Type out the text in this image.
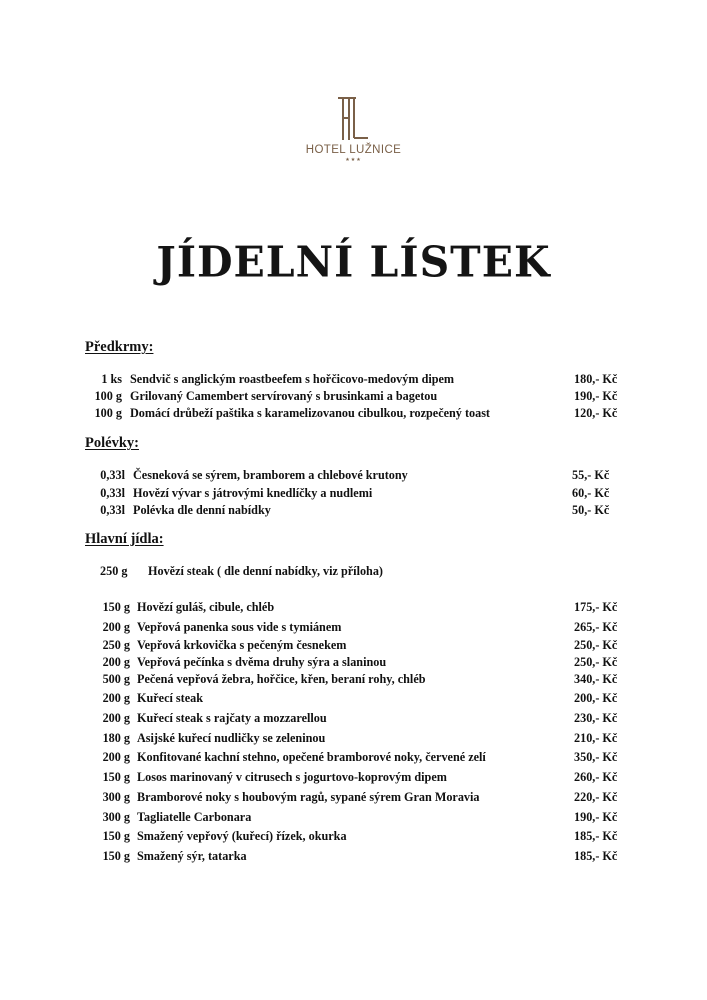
HOTEL LUŽNICE
★★★
JÍDELNÍ LÍSTEK
Předkrmy:
1 ks Sendvič s anglickým roastbeefem s hořčicovo-medovým dipem	180,- Kč
100 g Grilovaný Camembert servírovaný s brusinkami a bagetou	190,- Kč
100 g Domácí drůbeží paštika s karamelizovanou cibulkou, rozpečený toast	120,- Kč
Polévky:
0,33l Česneková se sýrem, bramborem a chlebové krutony	55,- Kč
0,33l Hovězí vývar s játrovými knedlíčky a nudlemi	60,- Kč
0,33l Polévka dle denní nabídky	50,- Kč
Hlavní jídla:
250 g Hovězí steak ( dle denní nabídky, viz příloha)
150 g Hovězí guláš, cibule, chléb	175,- Kč
200 g Vepřová panenka sous vide s tymiánem	265,- Kč
250 g Vepřová krkovička s pečeným česnekem	250,- Kč
200 g Vepřová pečínka s dvěma druhy sýra a slaninou	250,- Kč
500 g Pečená vepřová žebra, hořčice, křen, beraní rohy, chléb	340,- Kč
200 g Kuřecí steak	200,- Kč
200 g Kuřecí steak s rajčaty a mozzarellou	230,- Kč
180 g Asijské kuřecí nudličky se zeleninou	210,- Kč
200 g Konfitované kachní stehno, opečené bramborové noky, červené zelí	350,- Kč
150 g Losos marinovaný v citrusech s jogurtovo-koprovým dipem	260,- Kč
300 g Bramborové noky s houbovým ragů, sypané sýrem Gran Moravia	220,- Kč
300 g Tagliatelle Carbonara	190,- Kč
150 g Smažený vepřový (kuřecí) řízek, okurka	185,- Kč
150 g Smažený sýr, tatarka	185,- Kč
